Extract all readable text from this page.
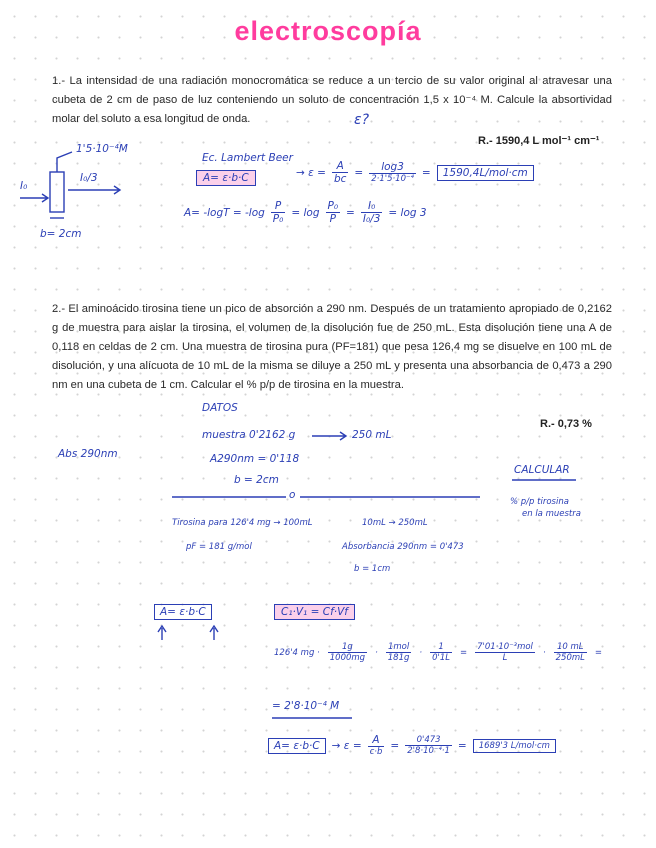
electroscopía
1.- La intensidad de una radiación monocromática se reduce a un tercio de su valor original al atravesar una cubeta de 2 cm de paso de luz conteniendo un soluto de concentración 1,5 x 10⁻⁴ M. Calcule la absortividad molar del soluto a esa longitud de onda.	ε?
R.- 1590,4 L mol⁻¹ cm⁻¹
1'5·10⁻⁴M
I₀
I₀/3
b= 2cm
Ec. Lambert Beer
A= ε·b·C	→ $\varepsilon = \frac{A}{bc} = \frac{\log 3}{\text{2·1'5·10⁻⁴}}$ =	1590,4L/mol·cm
$A= -\log T = -\log \frac{P}{\text{P₀}} = \log \frac{\text{P₀}}{P} = \frac{\text{I₀}}{\text{I₀/3}} = \log 3$
2.- El aminoácido tirosina tiene un pico de absorción a 290 nm. Después de un tratamiento apropiado de 0,2162 g de muestra para aislar la tirosina, el volumen de la disolución fue de 250 mL. Esta disolución tiene una A de 0,118 en celdas de 2 cm. Una muestra de tirosina pura (PF=181) que pesa 126,4 mg se disuelve en 100 mL de disolución, y una alícuota de 10 mL de la misma se diluye a 250 mL y presenta una absorbancia de 0,473 a 290 nm en una cubeta de 1 cm. Calcular el % p/p de tirosina en la muestra.
R.- 0,73 %
DATOS
Abs 290nm
muestra 0'2162 g	250 mL
A290nm = 0'118
b = 2cm
o
CALCULAR
% p/p tirosina
en la muestra
Tirosina para 126'4 mg → 100mL	10mL → 250mL
pF = 181 g/mol	Absorbancia 290nm = 0'473
b = 1cm
A= ε·b·C	C₁·V₁ = Cf·Vf
126'4 mg · $\frac{1g}{1000mg} \cdot \frac{\text{1mol}}{181g} \cdot \frac{1}{0'1L} = \frac{\text{7'01·10⁻³mol}}{L} \cdot \frac{10 mL}{250mL}$ =
= 2'8·10⁻⁴ M
A= ε·b·C	→ $\varepsilon = \frac{A}{c\cdot b} = \frac{0'473}{\text{2'8·10⁻⁴·1}}$ =	1689'3 L/mol·cm
